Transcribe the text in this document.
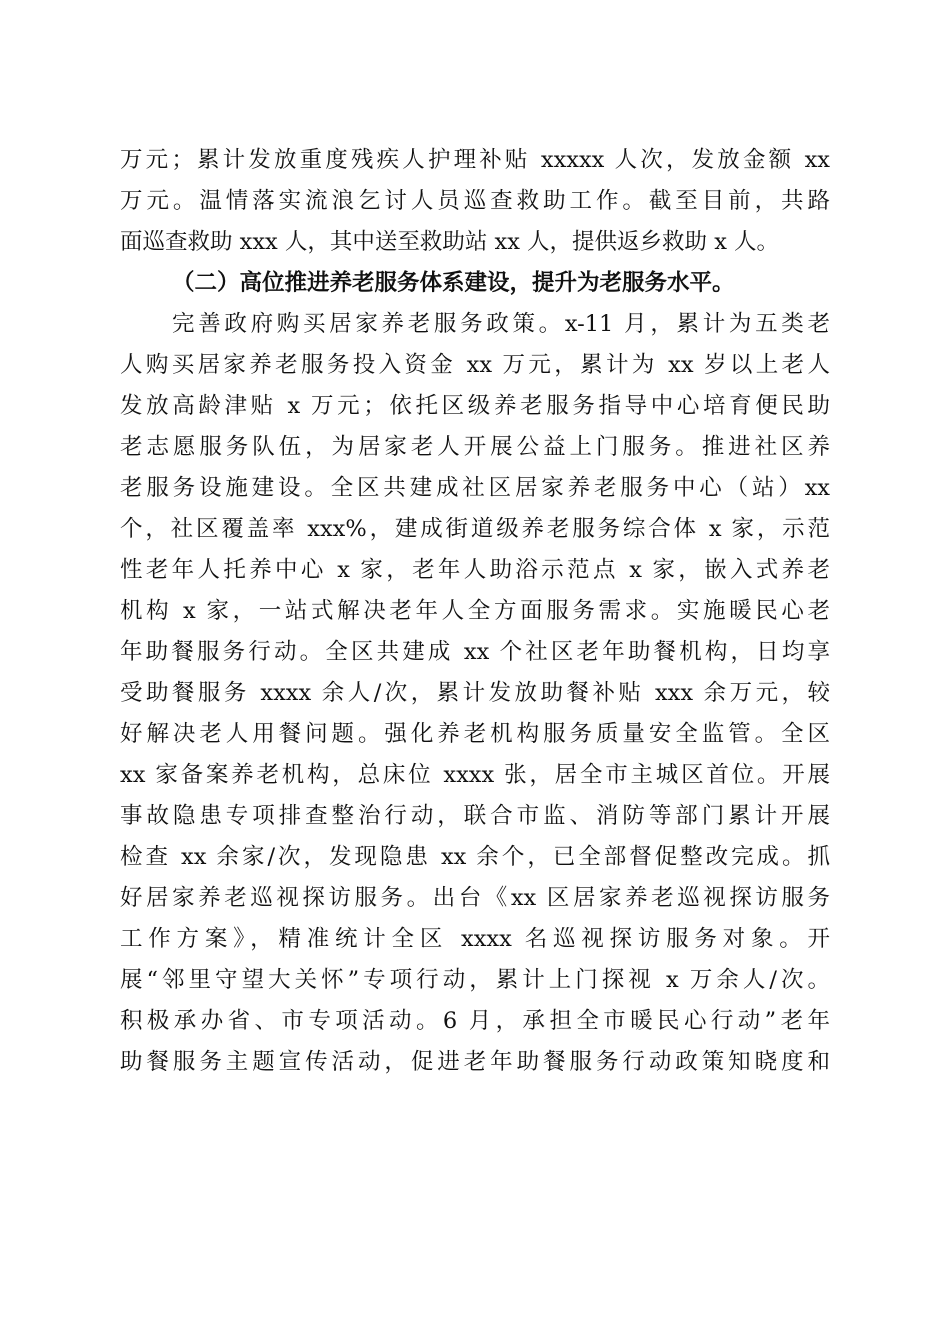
万元；累计发放重度残疾人护理补贴 xxxxx 人次，发放金额 xx
万元。温情落实流浪乞讨人员巡查救助工作。截至目前，共路
面巡查救助 xxx 人，其中送至救助站 xx 人，提供返乡救助 x 人。
（二）高位推进养老服务体系建设，提升为老服务水平。
完善政府购买居家养老服务政策。x-11 月，累计为五类老
人购买居家养老服务投入资金 xx 万元，累计为 xx 岁以上老人
发放高龄津贴 x 万元；依托区级养老服务指导中心培育便民助
老志愿服务队伍，为居家老人开展公益上门服务。推进社区养
老服务设施建设。全区共建成社区居家养老服务中心（站）xx
个，社区覆盖率 xxx%，建成街道级养老服务综合体 x 家，示范
性老年人托养中心 x 家，老年人助浴示范点 x 家，嵌入式养老
机构 x 家，一站式解决老年人全方面服务需求。实施暖民心老
年助餐服务行动。全区共建成 xx 个社区老年助餐机构，日均享
受助餐服务 xxxx 余人/次，累计发放助餐补贴 xxx 余万元，较
好解决老人用餐问题。强化养老机构服务质量安全监管。全区
xx 家备案养老机构，总床位 xxxx 张，居全市主城区首位。开展
事故隐患专项排查整治行动，联合市监、消防等部门累计开展
检查 xx 余家/次，发现隐患 xx 余个，已全部督促整改完成。抓
好居家养老巡视探访服务。出台《xx 区居家养老巡视探访服务
工作方案》，精准统计全区 xxxx 名巡视探访服务对象。开
展“邻里守望大关怀”专项行动，累计上门探视 x 万余人/次。
积极承办省、市专项活动。6 月，承担全市暖民心行动”老年
助餐服务主题宣传活动，促进老年助餐服务行动政策知晓度和
